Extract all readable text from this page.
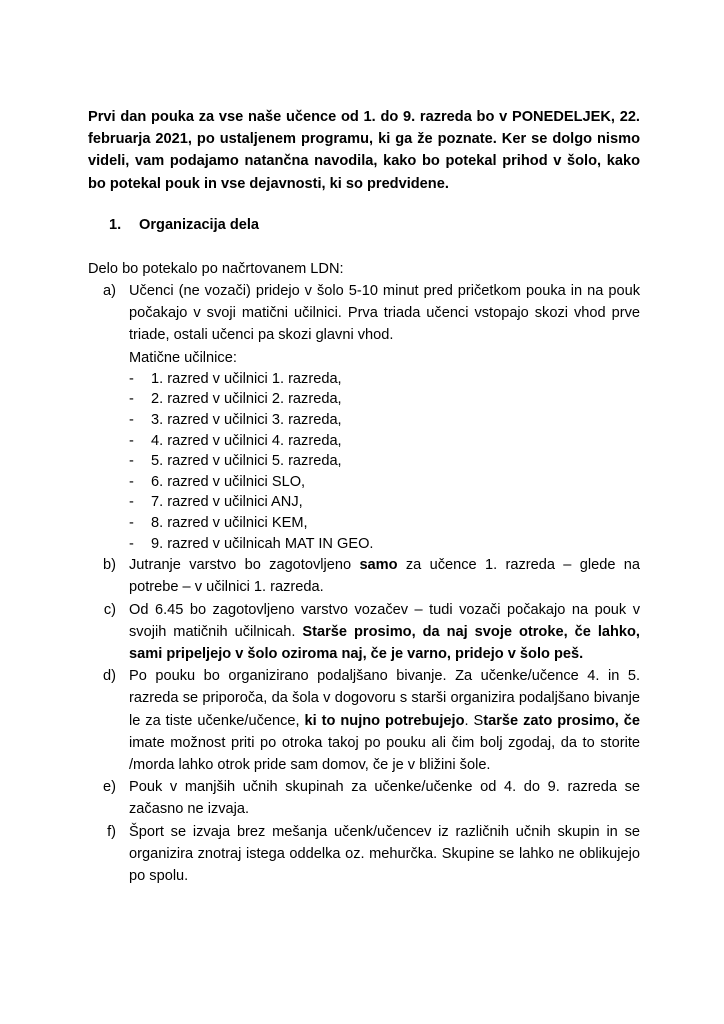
Prvi dan pouka za vse naše učence od 1. do 9. razreda bo v PONEDELJEK, 22. februarja 2021, po ustaljenem programu, ki ga že poznate. Ker se dolgo nismo videli, vam podajamo natančna navodila, kako bo potekal prihod v šolo, kako bo potekal pouk in vse dejavnosti, ki so predvidene.

1.	Organizacija dela

Delo bo potekalo po načrtovanem LDN:

a) Učenci (ne vozači) pridejo v šolo 5-10 minut pred pričetkom pouka in na pouk počakajo v svoji matični učilnici. Prva triada učenci vstopajo skozi vhod prve triade, ostali učenci pa skozi glavni vhod.
Matične učilnice:
-	1. razred v učilnici 1. razreda,
-	2. razred v učilnici 2. razreda,
-	3. razred v učilnici 3. razreda,
-	4. razred v učilnici 4. razreda,
-	5. razred v učilnici 5. razreda,
-	6. razred v učilnici SLO,
-	7. razred v učilnici ANJ,
-	8. razred v učilnici KEM,
-	9. razred v učilnicah MAT IN GEO.
b) Jutranje varstvo bo zagotovljeno samo za učence 1. razreda – glede na potrebe – v učilnici 1. razreda.
c) Od 6.45 bo zagotovljeno varstvo vozačev – tudi vozači počakajo na pouk v svojih matičnih učilnicah. Starše prosimo, da naj svoje otroke, če lahko, sami pripeljejo v šolo oziroma naj, če je varno, pridejo v šolo peš.
d) Po pouku bo organizirano podaljšano bivanje. Za učenke/učence 4. in 5. razreda se priporoča, da šola v dogovoru s starši organizira podaljšano bivanje le za tiste učenke/učence, ki to nujno potrebujejo. Starše zato prosimo, če imate možnost priti po otroka takoj po pouku ali čim bolj zgodaj, da to storite /morda lahko otrok pride sam domov, če je v bližini šole.
e) Pouk v manjših učnih skupinah za učenke/učenke od 4. do 9. razreda se začasno ne izvaja.
f) Šport se izvaja brez mešanja učenk/učencev iz različnih učnih skupin in se organizira znotraj istega oddelka oz. mehurčka. Skupine se lahko ne oblikujejo po spolu.
